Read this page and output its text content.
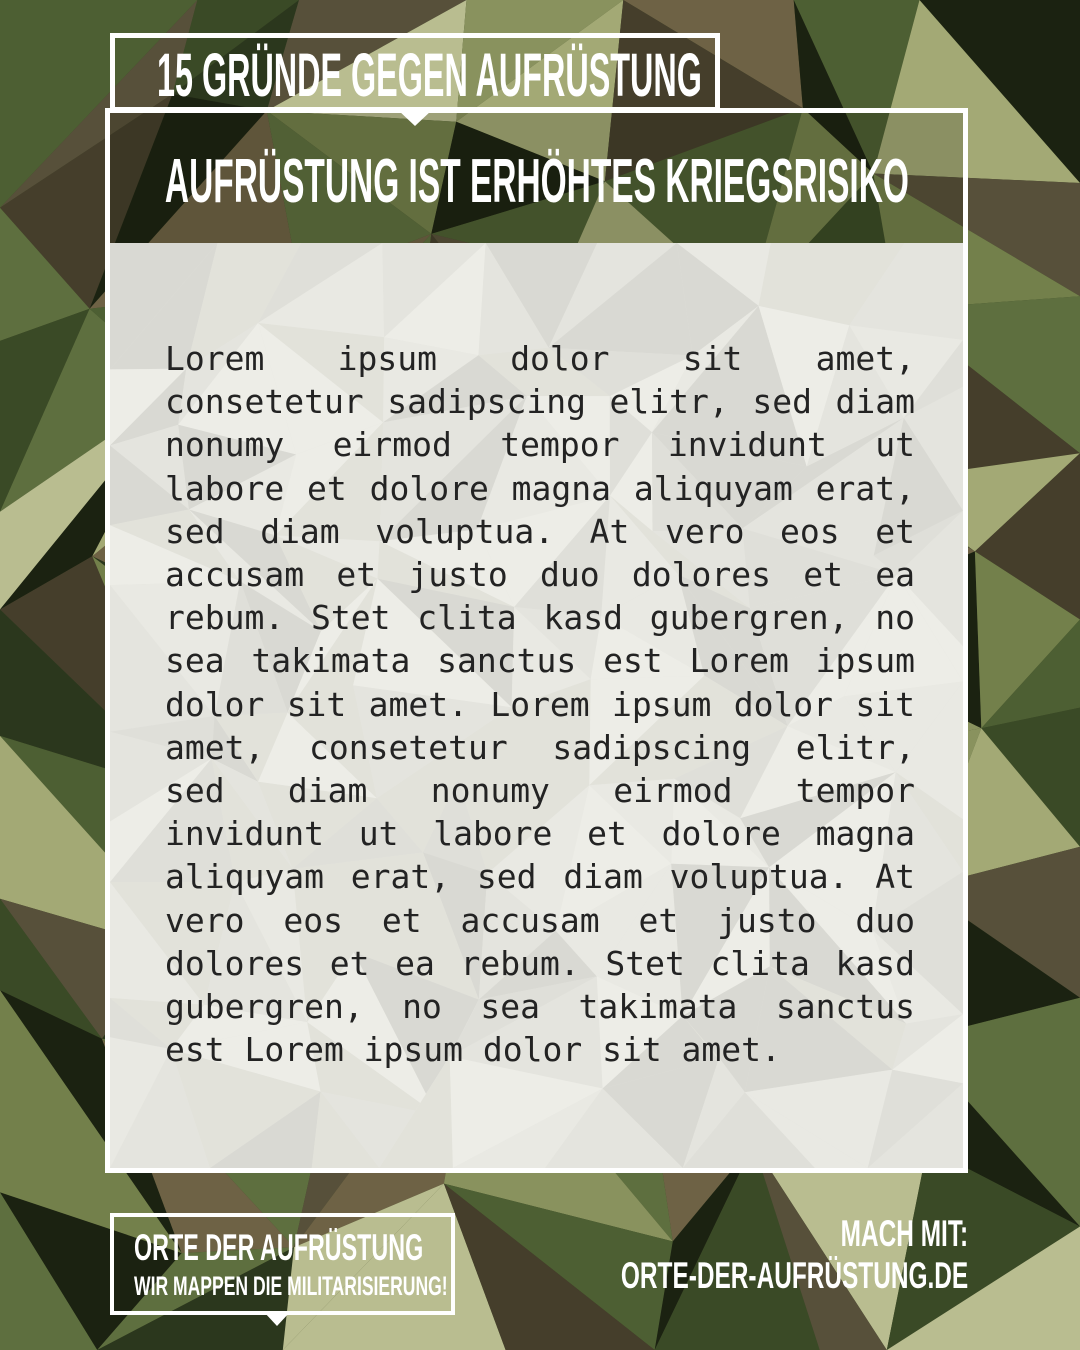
AUFRÜSTUNG IST ERHÖHTES KRIEGSRISIKO
Lorem ipsum dolor sit amet,
consetetur sadipscing elitr, sed diam
nonumy eirmod tempor invidunt ut
labore et dolore magna aliquyam erat,
sed diam voluptua. At vero eos et
accusam et justo duo dolores et ea
rebum. Stet clita kasd gubergren, no
sea takimata sanctus est Lorem ipsum
dolor sit amet. Lorem ipsum dolor sit
amet, consetetur sadipscing elitr,
sed diam nonumy eirmod tempor
invidunt ut labore et dolore magna
aliquyam erat, sed diam voluptua. At
vero eos et accusam et justo duo
dolores et ea rebum. Stet clita kasd
gubergren, no sea takimata sanctus
est Lorem ipsum dolor sit amet.
15 GRÜNDE GEGEN AUFRÜSTUNG
ORTE DER AUFRÜSTUNG
WIR MAPPEN DIE MILITARISIERUNG!
MACH MIT:
ORTE-DER-AUFRÜSTUNG.DE
